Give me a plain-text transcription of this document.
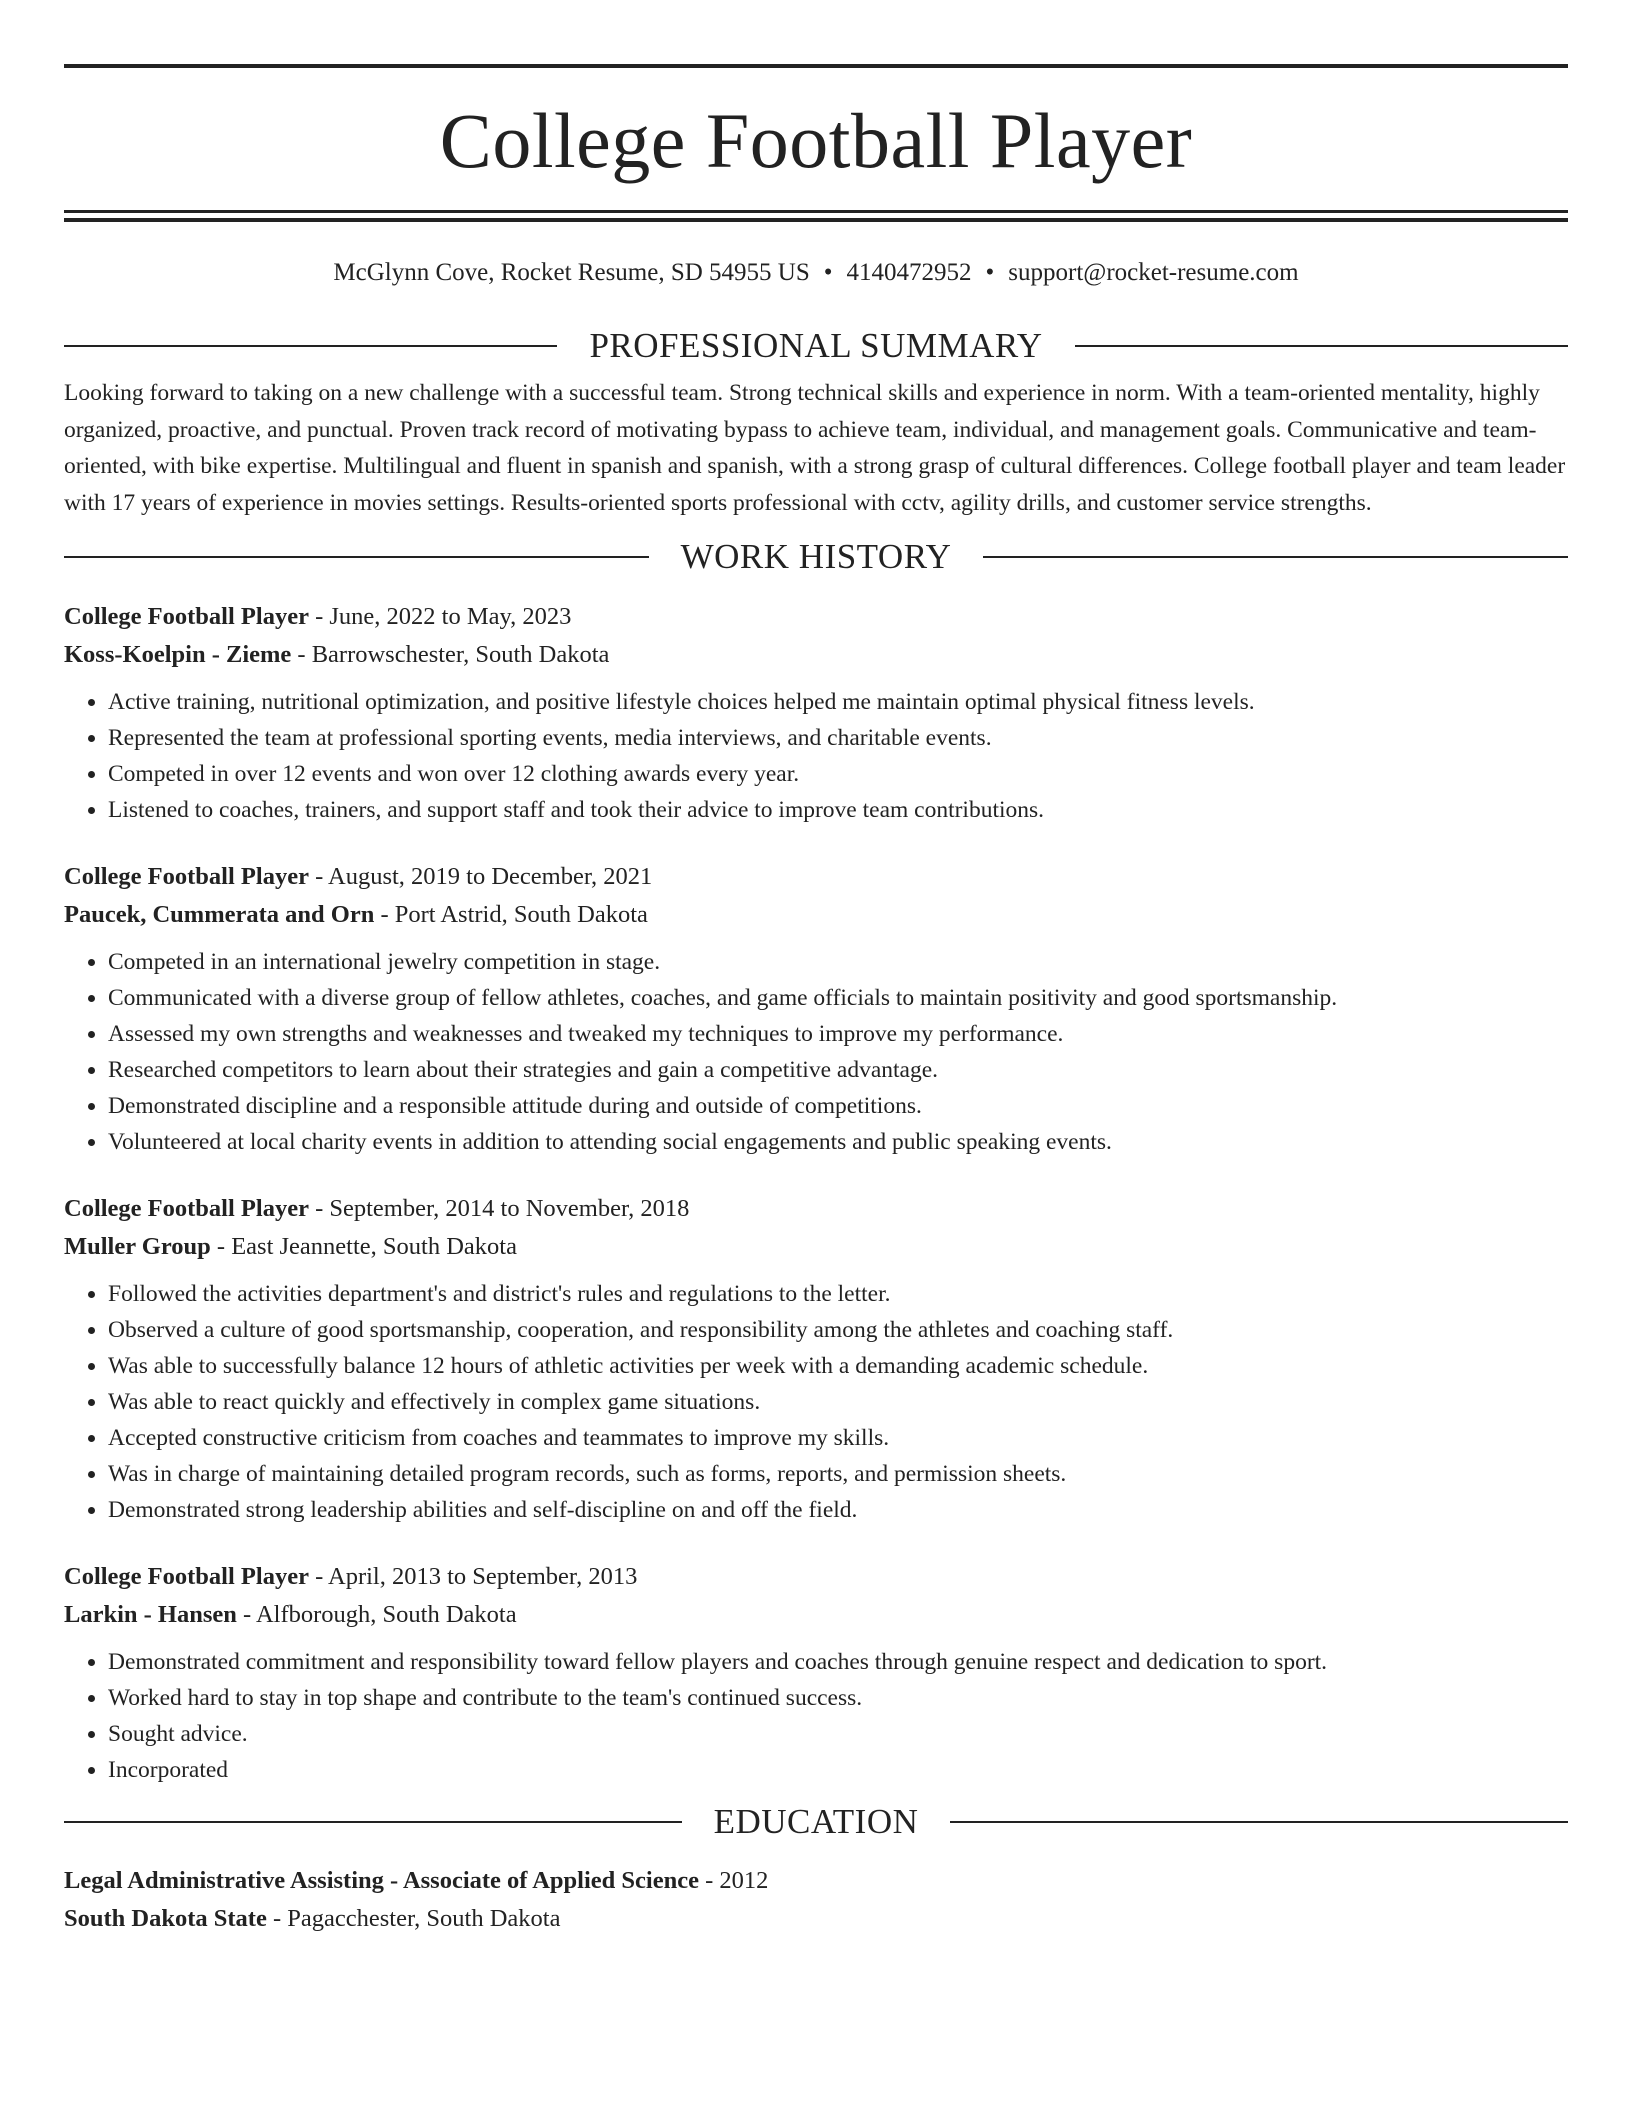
College Football Player
McGlynn Cove, Rocket Resume, SD 54955 US • 4140472952 • support@rocket-resume.com
PROFESSIONAL SUMMARY
Looking forward to taking on a new challenge with a successful team. Strong technical skills and experience in norm. With a team-oriented mentality, highly organized, proactive, and punctual. Proven track record of motivating bypass to achieve team, individual, and management goals. Communicative and team-oriented, with bike expertise. Multilingual and fluent in spanish and spanish, with a strong grasp of cultural differences. College football player and team leader with 17 years of experience in movies settings. Results-oriented sports professional with cctv, agility drills, and customer service strengths.
WORK HISTORY
College Football Player - June, 2022 to May, 2023
Koss-Koelpin - Zieme - Barrowschester, South Dakota
• Active training, nutritional optimization, and positive lifestyle choices helped me maintain optimal physical fitness levels.
• Represented the team at professional sporting events, media interviews, and charitable events.
• Competed in over 12 events and won over 12 clothing awards every year.
• Listened to coaches, trainers, and support staff and took their advice to improve team contributions.
College Football Player - August, 2019 to December, 2021
Paucek, Cummerata and Orn - Port Astrid, South Dakota
• Competed in an international jewelry competition in stage.
• Communicated with a diverse group of fellow athletes, coaches, and game officials to maintain positivity and good sportsmanship.
• Assessed my own strengths and weaknesses and tweaked my techniques to improve my performance.
• Researched competitors to learn about their strategies and gain a competitive advantage.
• Demonstrated discipline and a responsible attitude during and outside of competitions.
• Volunteered at local charity events in addition to attending social engagements and public speaking events.
College Football Player - September, 2014 to November, 2018
Muller Group - East Jeannette, South Dakota
• Followed the activities department's and district's rules and regulations to the letter.
• Observed a culture of good sportsmanship, cooperation, and responsibility among the athletes and coaching staff.
• Was able to successfully balance 12 hours of athletic activities per week with a demanding academic schedule.
• Was able to react quickly and effectively in complex game situations.
• Accepted constructive criticism from coaches and teammates to improve my skills.
• Was in charge of maintaining detailed program records, such as forms, reports, and permission sheets.
• Demonstrated strong leadership abilities and self-discipline on and off the field.
College Football Player - April, 2013 to September, 2013
Larkin - Hansen - Alfborough, South Dakota
• Demonstrated commitment and responsibility toward fellow players and coaches through genuine respect and dedication to sport.
• Worked hard to stay in top shape and contribute to the team's continued success.
• Sought advice.
• Incorporated
EDUCATION
Legal Administrative Assisting - Associate of Applied Science - 2012
South Dakota State - Pagacchester, South Dakota
